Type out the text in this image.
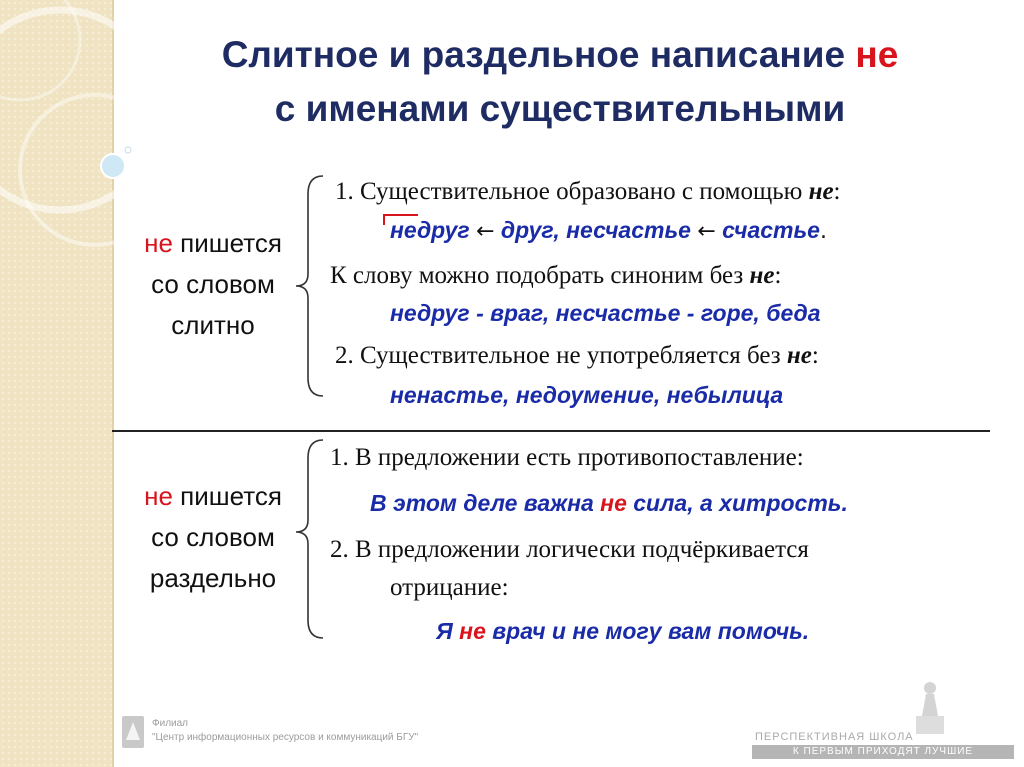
Слитное и раздельное написание не
с именами существительными
не пишется
со словом
слитно
1. Существительное образовано с помощью не:
недруг ← друг, несчастье ← счастье.
К слову можно подобрать синоним без не:
недруг - враг, несчастье - горе, беда
2. Существительное не употребляется без не:
ненастье, недоумение, небылица
не пишется
со словом
раздельно
1. В предложении есть противопоставление:
В этом деле важна не сила, а хитрость.
2. В предложении логически подчёркивается
отрицание:
Я не врач и не могу вам помочь.
Филиал
"Центр информационных ресурсов и коммуникаций БГУ"	ПЕРСПЕКТИВНАЯ ШКОЛА
К ПЕРВЫМ ПРИХОДЯТ ЛУЧШИЕ
